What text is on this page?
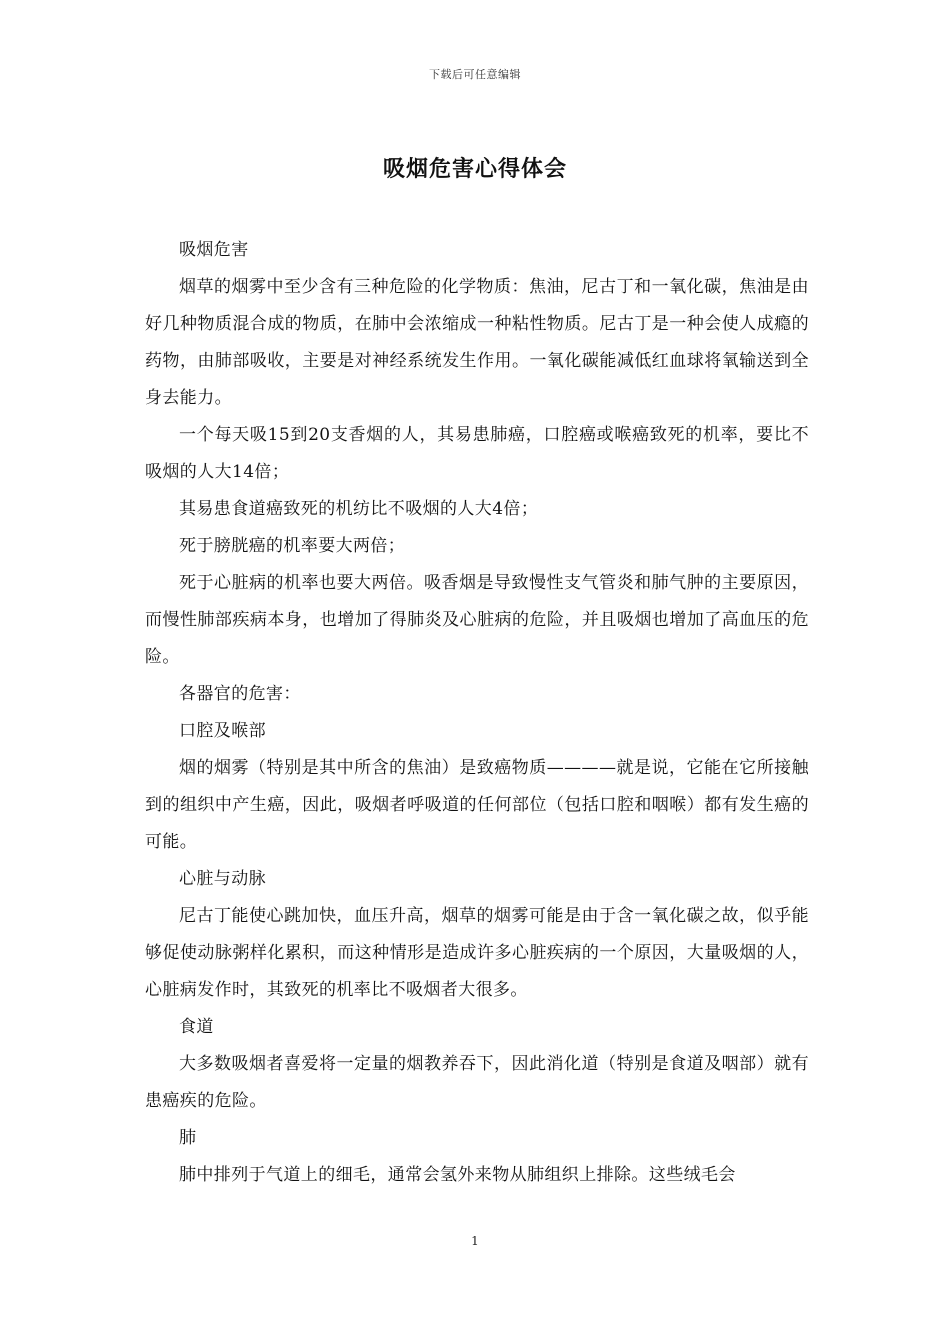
下载后可任意编辑
吸烟危害心得体会

吸烟危害

烟草的烟雾中至少含有三种危险的化学物质：焦油，尼古丁和一氧化碳，焦油是由好几种物质混合成的物质，在肺中会浓缩成一种粘性物质。尼古丁是一种会使人成瘾的药物，由肺部吸收，主要是对神经系统发生作用。一氧化碳能减低红血球将氧输送到全身去能力。

一个每天吸15到20支香烟的人，其易患肺癌，口腔癌或喉癌致死的机率，要比不吸烟的人大14倍；

其易患食道癌致死的机纺比不吸烟的人大4倍；

死于膀胱癌的机率要大两倍；

死于心脏病的机率也要大两倍。吸香烟是导致慢性支气管炎和肺气肿的主要原因，而慢性肺部疾病本身，也增加了得肺炎及心脏病的危险，并且吸烟也增加了高血压的危险。

各器官的危害：

口腔及喉部

烟的烟雾（特别是其中所含的焦油）是致癌物质————就是说，它能在它所接触到的组织中产生癌，因此，吸烟者呼吸道的任何部位（包括口腔和咽喉）都有发生癌的可能。

心脏与动脉

尼古丁能使心跳加快，血压升高，烟草的烟雾可能是由于含一氧化碳之故，似乎能够促使动脉粥样化累积，而这种情形是造成许多心脏疾病的一个原因，大量吸烟的人，心脏病发作时，其致死的机率比不吸烟者大很多。

食道

大多数吸烟者喜爱将一定量的烟教养吞下，因此消化道（特别是食道及咽部）就有患癌疾的危险。

肺

肺中排列于气道上的细毛，通常会氢外来物从肺组织上排除。这些绒毛会

1
